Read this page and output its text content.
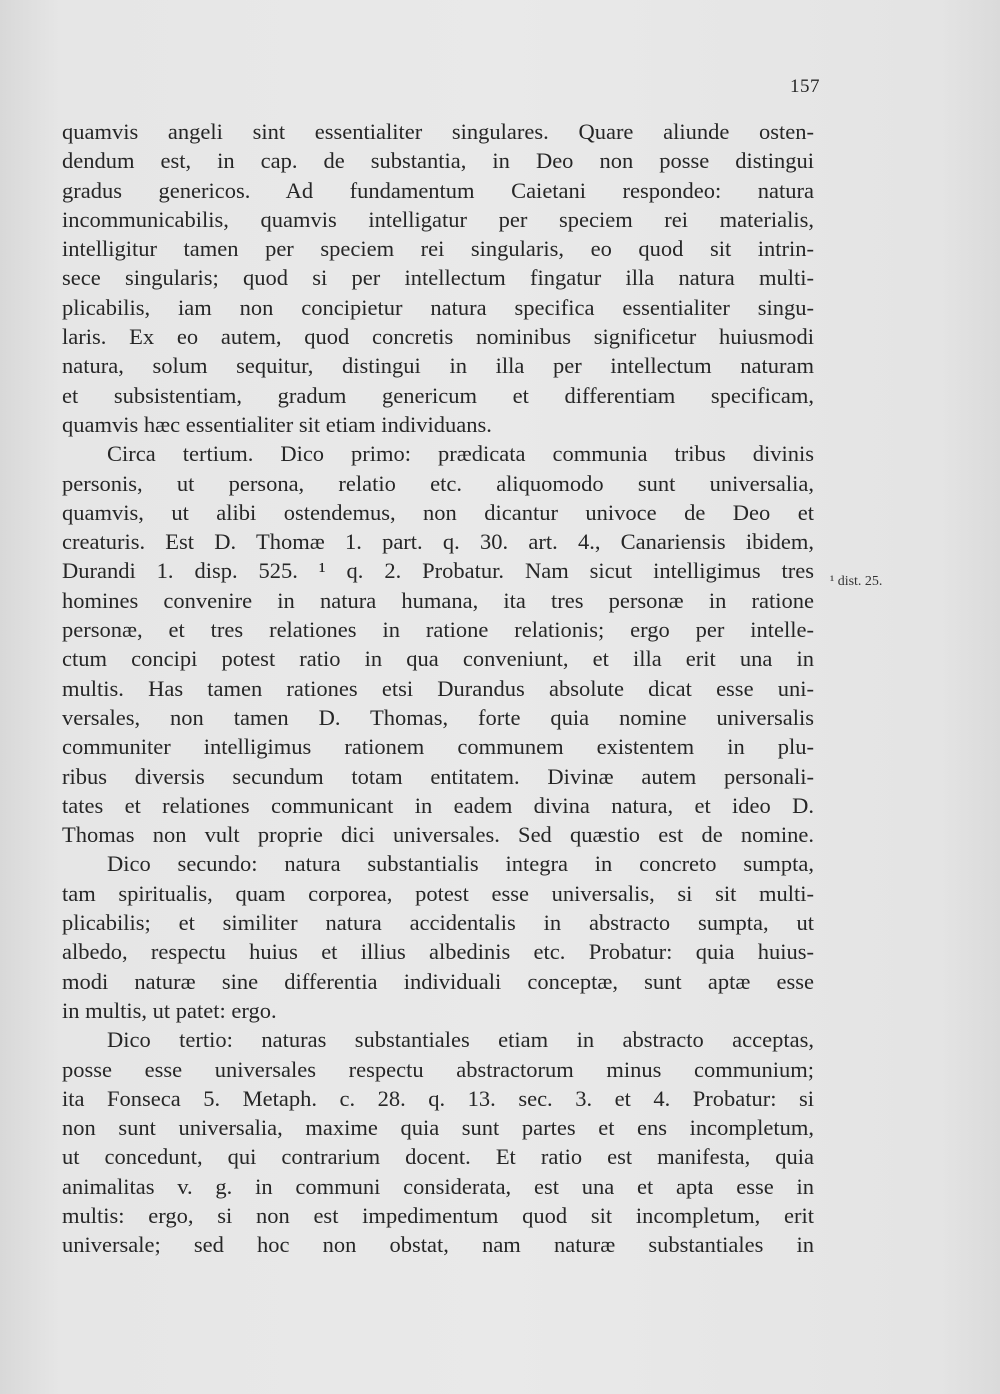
157
quamvis angeli sint essentialiter singulares. Quare aliunde osten-
dendum est, in cap. de substantia, in Deo non posse distingui
gradus genericos. Ad fundamentum Caietani respondeo: natura
incommunicabilis, quamvis intelligatur per speciem rei materialis,
intelligitur tamen per speciem rei singularis, eo quod sit intrin-
sece singularis; quod si per intellectum fingatur illa natura multi-
plicabilis, iam non concipietur natura specifica essentialiter singu-
laris. Ex eo autem, quod concretis nominibus significetur huiusmodi
natura, solum sequitur, distingui in illa per intellectum naturam
et subsistentiam, gradum genericum et differentiam specificam,
quamvis hæc essentialiter sit etiam individuans.
Circa tertium. Dico primo: prædicata communia tribus divinis
personis, ut persona, relatio etc. aliquomodo sunt universalia,
quamvis, ut alibi ostendemus, non dicantur univoce de Deo et
creaturis. Est D. Thomæ 1. part. q. 30. art. 4., Canariensis ibidem,
Durandi 1. disp. 525. ¹ q. 2. Probatur. Nam sicut intelligimus tres
homines convenire in natura humana, ita tres personæ in ratione
personæ, et tres relationes in ratione relationis; ergo per intelle-
ctum concipi potest ratio in qua conveniunt, et illa erit una in
multis. Has tamen rationes etsi Durandus absolute dicat esse uni-
versales, non tamen D. Thomas, forte quia nomine universalis
communiter intelligimus rationem communem existentem in plu-
ribus diversis secundum totam entitatem. Divinæ autem personali-
tates et relationes communicant in eadem divina natura, et ideo D.
Thomas non vult proprie dici universales. Sed quæstio est de nomine.
Dico secundo: natura substantialis integra in concreto sumpta,
tam spiritualis, quam corporea, potest esse universalis, si sit multi-
plicabilis; et similiter natura accidentalis in abstracto sumpta, ut
albedo, respectu huius et illius albedinis etc. Probatur: quia huius-
modi naturæ sine differentia individuali conceptæ, sunt aptæ esse
in multis, ut patet: ergo.
Dico tertio: naturas substantiales etiam in abstracto acceptas,
posse esse universales respectu abstractorum minus communium;
ita Fonseca 5. Metaph. c. 28. q. 13. sec. 3. et 4. Probatur: si
non sunt universalia, maxime quia sunt partes et ens incompletum,
ut concedunt, qui contrarium docent. Et ratio est manifesta, quia
animalitas v. g. in communi considerata, est una et apta esse in
multis: ergo, si non est impedimentum quod sit incompletum, erit
universale; sed hoc non obstat, nam naturæ substantiales in
¹ dist. 25.
